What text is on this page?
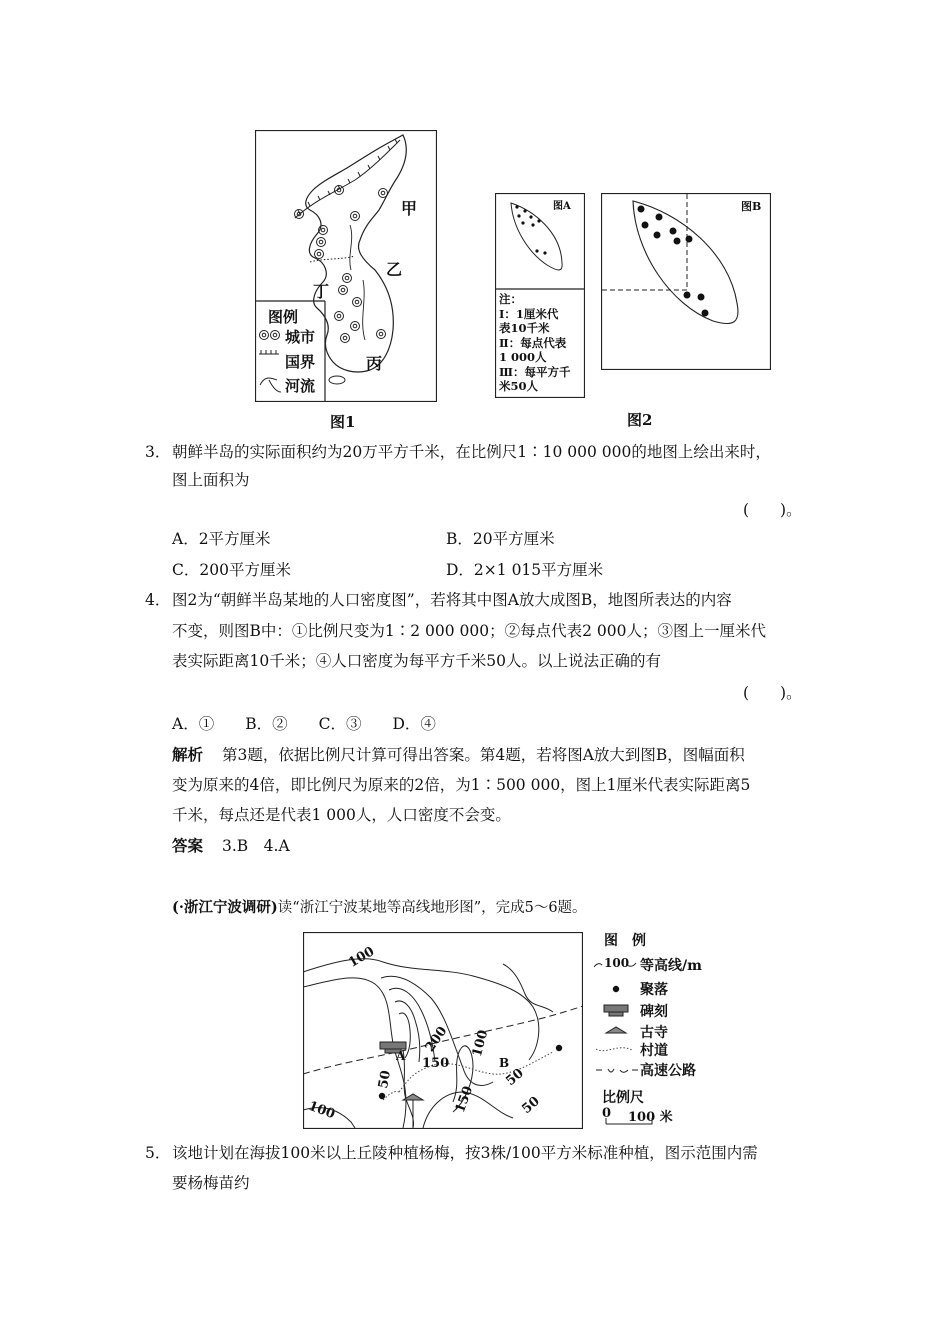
甲
乙
丁
丙
图例
城市
国界
河流
图1
图A
注：
Ⅰ：1厘米代
表10千米
Ⅱ：每点代表
1 000人
Ⅲ：每平方千
米50人
图B
图2
3． 朝鲜半岛的实际面积约为20万平方千米，在比例尺1∶10 000 000的地图上绘出来时，
图上面积为
(　　)。
A．2平方厘米	B．20平方厘米
C．200平方厘米	D．2×1 015平方厘米
4． 图2为“朝鲜半岛某地的人口密度图”，若将其中图A放大成图B，地图所表达的内容
不变，则图B中：①比例尺变为1∶2 000 000；②每点代表2 000人；③图上一厘米代
表实际距离10千米；④人口密度为每平方千米50人。以上说法正确的有
(　　)。
A．①　　B．②　　C．③　　D．④
解析 第3题，依据比例尺计算可得出答案。第4题，若将图A放大到图B，图幅面积
变为原来的4倍，即比例尺为原来的2倍，为1∶500 000，图上1厘米代表实际距离5
千米，每点还是代表1 000人，人口密度不会变。
答案 3.B　4.A
(·浙江宁波调研)读“浙江宁波某地等高线地形图”，完成5～6题。
100
200
150
100
150
50
50
50
100
A	B
图　例
100 等高线/m
聚落
碑刻
古寺
村道
高速公路
比例尺
0 100 米
5． 该地计划在海拔100米以上丘陵种植杨梅，按3株/100平方米标准种植，图示范围内需
要杨梅苗约
